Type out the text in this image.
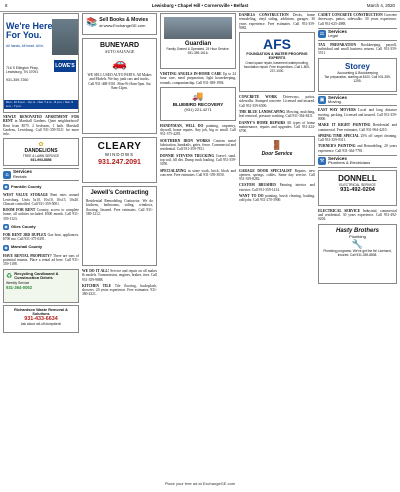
8	Lewisburg • Chapel Hill • Cornersville • Belfast	March 4, 2020
We're Here For You.
All hands, All heart. All in.
LOWE'S
716 S Ellington Pkwy, Lewisburg, TN 37091
931-359-7260
Mon - Fri 6 a.m. - 8 p.m. • Sat. 7 a.m. - 8 p.m. • Sun. 9 a.m. - 7 p.m.
NEWLY RENOVATED APARTMENT FOR RENT in Marshall Gardens. Quiet neighborhood! Rent from $575. 2 bedroom, 1 bath. Marshall Gardens, Lewisburg. Call 931-359-5521 for more info.
✿
DANDELIONS
TREE & LAWN SERVICE
931-993-8856
⌂ Services
Rentals
◉ Franklin County
WEST VALUE STORAGE Rent rates around Lewisburg. Units 5x10, 10x10, 10x15, 10x20. Climate controlled. Call 931-359-5001.
ROOM FOR RENT Country, access to complete home, all utilities included. $500 month. Call 931-359-1123.
◉ Giles County
FOR RENT 2BD DUPLEX Gas heat, appliances. $700 mo. Call 931-375-0291.
◉ Marshall County
HAVE RENTAL PROPERTY? There are tons of potential tenants. Place a rental ad here. Call 931-359-1188.
♻ Recycling Cardboard & Construction Debris
Weekly Service
931-364-0052
Richardson Waste Removal & Solutions
931-433-6634
Ask about roll-off dumpsters!
📚 Sell Books & Movies
at www.ExchangeGE.com
BUNEYARD
AUTO SALVAGE
🚗
WE SELL USED AUTO PARTS. All Makes and Models. We buy junk cars and trucks. Call 931-468-5561. Mon-Fri 8am-5pm. Sat 8am-12pm.
CLEARY
WINDOWS
931.247.2091
Jewell's Contracting
Residential Remodeling Contractor. We do kitchens, bathrooms, siding, windows, flooring. Insured. Free estimates. Call 931-580-1212.
WE DO IT ALL! Service and repair on all makes & models. Transmission, engines, brakes, tires. Call 931-359-9888.
KITCHEN TILE Tile flooring, backsplash, showers. 20 years experience. Free estimates. 931-380-4321.
Guardian
Family Owned & Operated. 24 Hour Service. 931-359-1616.
VISITING ANGELS IN-HOME CARE Up to 24 hour care, meal preparation, light housekeeping, errands, companionship. Call 931-388-1994.
🚚
BLUEBIRD RECOVERY
(931) 221-4271
HANDYMAN, WILL DO painting, carpentry, drywall, home repairs. Any job, big or small. Call 931-375-4281.
SOUTHERN IRON WORKS Custom metal fabrication, handrails, gates, fence. Commercial and residential. Call 931-359-7811.
DONNIE STEVENS TRUCKING Gravel, sand, top soil, fill dirt. Dump truck hauling. Call 931-359-5050.
SPECIALIZING in stone work, brick, block and concrete. Free estimates. Call 931-359-3050.
DANIELS CONSTRUCTION Decks, home remodeling, vinyl siding, additions, garages. 30 years experience. Free estimates. Call 931-359-9082.
AFS
FOUNDATION & WATER PROOFING EXPERTS
Crawl space repair, basement waterproofing, foundation repair. Free inspections. Call 1-800-237-1000.
CONCRETE WORK Driveways, patios, sidewalks. Stamped concrete. Licensed and insured. Call 931-359-6500.
THE BLUE LANDSCAPING Mowing, mulching, leaf removal, pressure washing. Call 931-364-8411.
DANNY'S HOME REPAIRS All types of home maintenance, repairs and upgrades. Call 931-224-6700.
🚪
Door Service
GARAGE DOOR SPECIALIST Repairs, new openers, springs, cables. Same day service. Call 931-359-8282.
CUSTOM BRUSHED Painting interior and exterior. Call 931-359-1414.
WANT TO DO painting, brush clearing, hauling, odd jobs. Call 931-270-3900.
CADET CONCRETE CONSTRUCTION Concrete driveways, patios, sidewalks. 30 years experience. Call 931-625-4088.
⚖ Services
Legal
TAX PREPARATION Bookkeeping, payroll, individual and small business returns. Call 931-359-5511.
Storey
Accounting & Bookkeeping
Tax preparation, starting at $100. Call 931-359-1255.
▣ Services
Moving
EAST WAY MOVERS Local and long distance moving, packing. Licensed and insured. Call 931-359-8000.
MAKE IT RIGHT PAINTING Residential and commercial. Free estimates. Call 931-964-4210.
SPRING TIME SPECIAL 25% off carpet cleaning. Call 931-359-9311.
TURNER'S PAINTING and Remodeling. 20 years experience. Call 931-364-7781.
⚒ Services
Plumbers & Electricians
DONNELL
ELECTRICAL SERVICE
931-492-0204
ELECTRICAL SERVICE Industrial, commercial and residential. 30 years experience. Call 931-492-0204.
Hasty Brothers
Plumbing
🔧
Plumbing programs. We've got the fix! Licensed, insured. Call 931-359-8808.
Place your free ad at ExchangeGE.com
